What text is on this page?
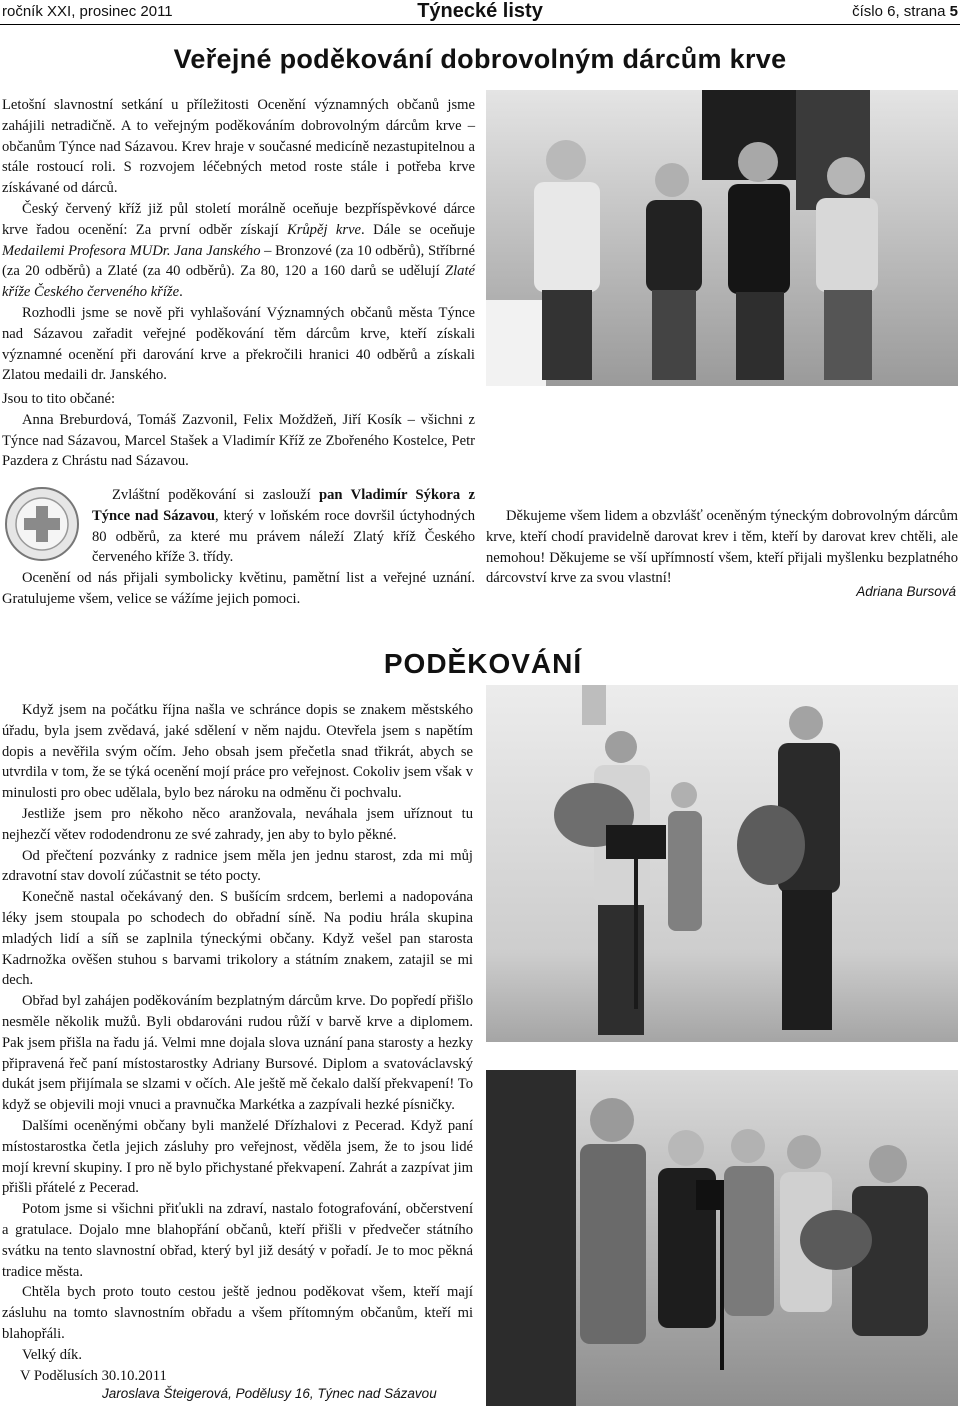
ročník XXI, prosinec 2011	Týnecké listy	číslo 6, strana 5
Veřejné poděkování dobrovolným dárcům krve

Letošní slavnostní setkání u příležitosti Ocenění významných občanů jsme zahájili netradičně. A to veřejným poděkováním dobrovolným dárcům krve – občanům Týnce nad Sázavou. Krev hraje v současné medicíně nezastupitelnou a stále rostoucí roli. S rozvojem léčebných metod roste stále i potřeba krve získávané od dárců.

Český červený kříž již půl století morálně oceňuje bezpříspěvkové dárce krve řadou ocenění: Za první odběr získají Krůpěj krve. Dále se oceňuje Medailemi Profesora MUDr. Jana Janského – Bronzové (za 10 odběrů), Stříbrné (za 20 odběrů) a Zlaté (za 40 odběrů). Za 80, 120 a 160 darů se udělují Zlaté kříže Českého červeného kříže.

Rozhodli jsme se nově při vyhlašování Významných občanů města Týnce nad Sázavou zařadit veřejné poděkování těm dárcům krve, kteří získali významné ocenění při darování krve a překročili hranici 40 odběrů a získali Zlatou medaili dr. Janského.

Jsou to tito občané:

Anna Breburdová, Tomáš Zazvonil, Felix Moždžeň, Jiří Kosík – všichni z Týnce nad Sázavou, Marcel Stašek a Vladimír Kříž ze Zbořeného Kostelce, Petr Pazdera z Chrástu nad Sázavou.

Zvláštní poděkování si zaslouží pan Vladimír Sýkora z Týnce nad Sázavou, který v loňském roce dovršil úctyhodných 80 odběrů, za které mu právem náleží Zlatý kříž Českého červeného kříže 3. třídy.

Ocenění od nás přijali symbolicky květinu, pamětní list a veřejné uznání. Gratulujeme všem, velice se vážíme jejich pomoci.

Děkujeme všem lidem a obzvlášť oceněným týneckým dobrovolným dárcům krve, kteří chodí pravidelně darovat krev i těm, kteří by darovat krev chtěli, ale nemohou! Děkujeme se vší upřímností všem, kteří přijali myšlenku bezplatného dárcovství krve za svou vlastní!

Adriana Bursová
PODĚKOVÁNÍ

Když jsem na počátku října našla ve schránce dopis se znakem městského úřadu, byla jsem zvědavá, jaké sdělení v něm najdu. Otevřela jsem s napětím dopis a nevěřila svým očím. Jeho obsah jsem přečetla snad třikrát, abych se utvrdila v tom, že se týká ocenění mojí práce pro veřejnost. Cokoliv jsem však v minulosti pro obec udělala, bylo bez nároku na odměnu či pochvalu.

Jestliže jsem pro někoho něco aranžovala, neváhala jsem uříznout tu nejhezčí větev rododendronu ze své zahrady, jen aby to bylo pěkné.

Od přečtení pozvánky z radnice jsem měla jen jednu starost, zda mi můj zdravotní stav dovolí zúčastnit se této pocty.

Konečně nastal očekávaný den. S bušícím srdcem, berlemi a nadopována léky jsem stoupala po schodech do obřadní síně. Na podiu hrála skupina mladých lidí a síň se zaplnila týneckými občany. Když vešel pan starosta Kadrnožka ověšen stuhou s barvami trikolory a státním znakem, zatajil se mi dech.

Obřad byl zahájen poděkováním bezplatným dárcům krve. Do popředí přišlo nesměle několik mužů. Byli obdarováni rudou růží v barvě krve a diplomem. Pak jsem přišla na řadu já. Velmi mne dojala slova uznání pana starosty a hezky připravená řeč paní místostarostky Adriany Bursové. Diplom a svatováclavský dukát jsem přijímala se slzami v očích. Ale ještě mě čekalo další překvapení! To když se objevili moji vnuci a pravnučka Markétka a zazpívali hezké písničky.

Dalšími oceněnými občany byli manželé Dřízhalovi z Pecerad. Když paní místostarostka četla jejich zásluhy pro veřejnost, věděla jsem, že to jsou lidé mojí krevní skupiny. I pro ně bylo přichystané překvapení. Zahrát a zazpívat jim přišli přátelé z Pecerad.

Potom jsme si všichni přiťukli na zdraví, nastalo fotografování, občerstvení a gratulace. Dojalo mne blahopřání občanů, kteří přišli v předvečer státního svátku na tento slavnostní obřad, který byl již desátý v pořadí. Je to moc pěkná tradice města.

Chtěla bych proto touto cestou ještě jednou poděkovat všem, kteří mají zásluhu na tomto slavnostním obřadu a všem přítomným občanům, kteří mi blahopřáli.

Velký dík.

V Podělusích 30.10.2011
Jaroslava Šteigerová, Podělusy 16, Týnec nad Sázavou
